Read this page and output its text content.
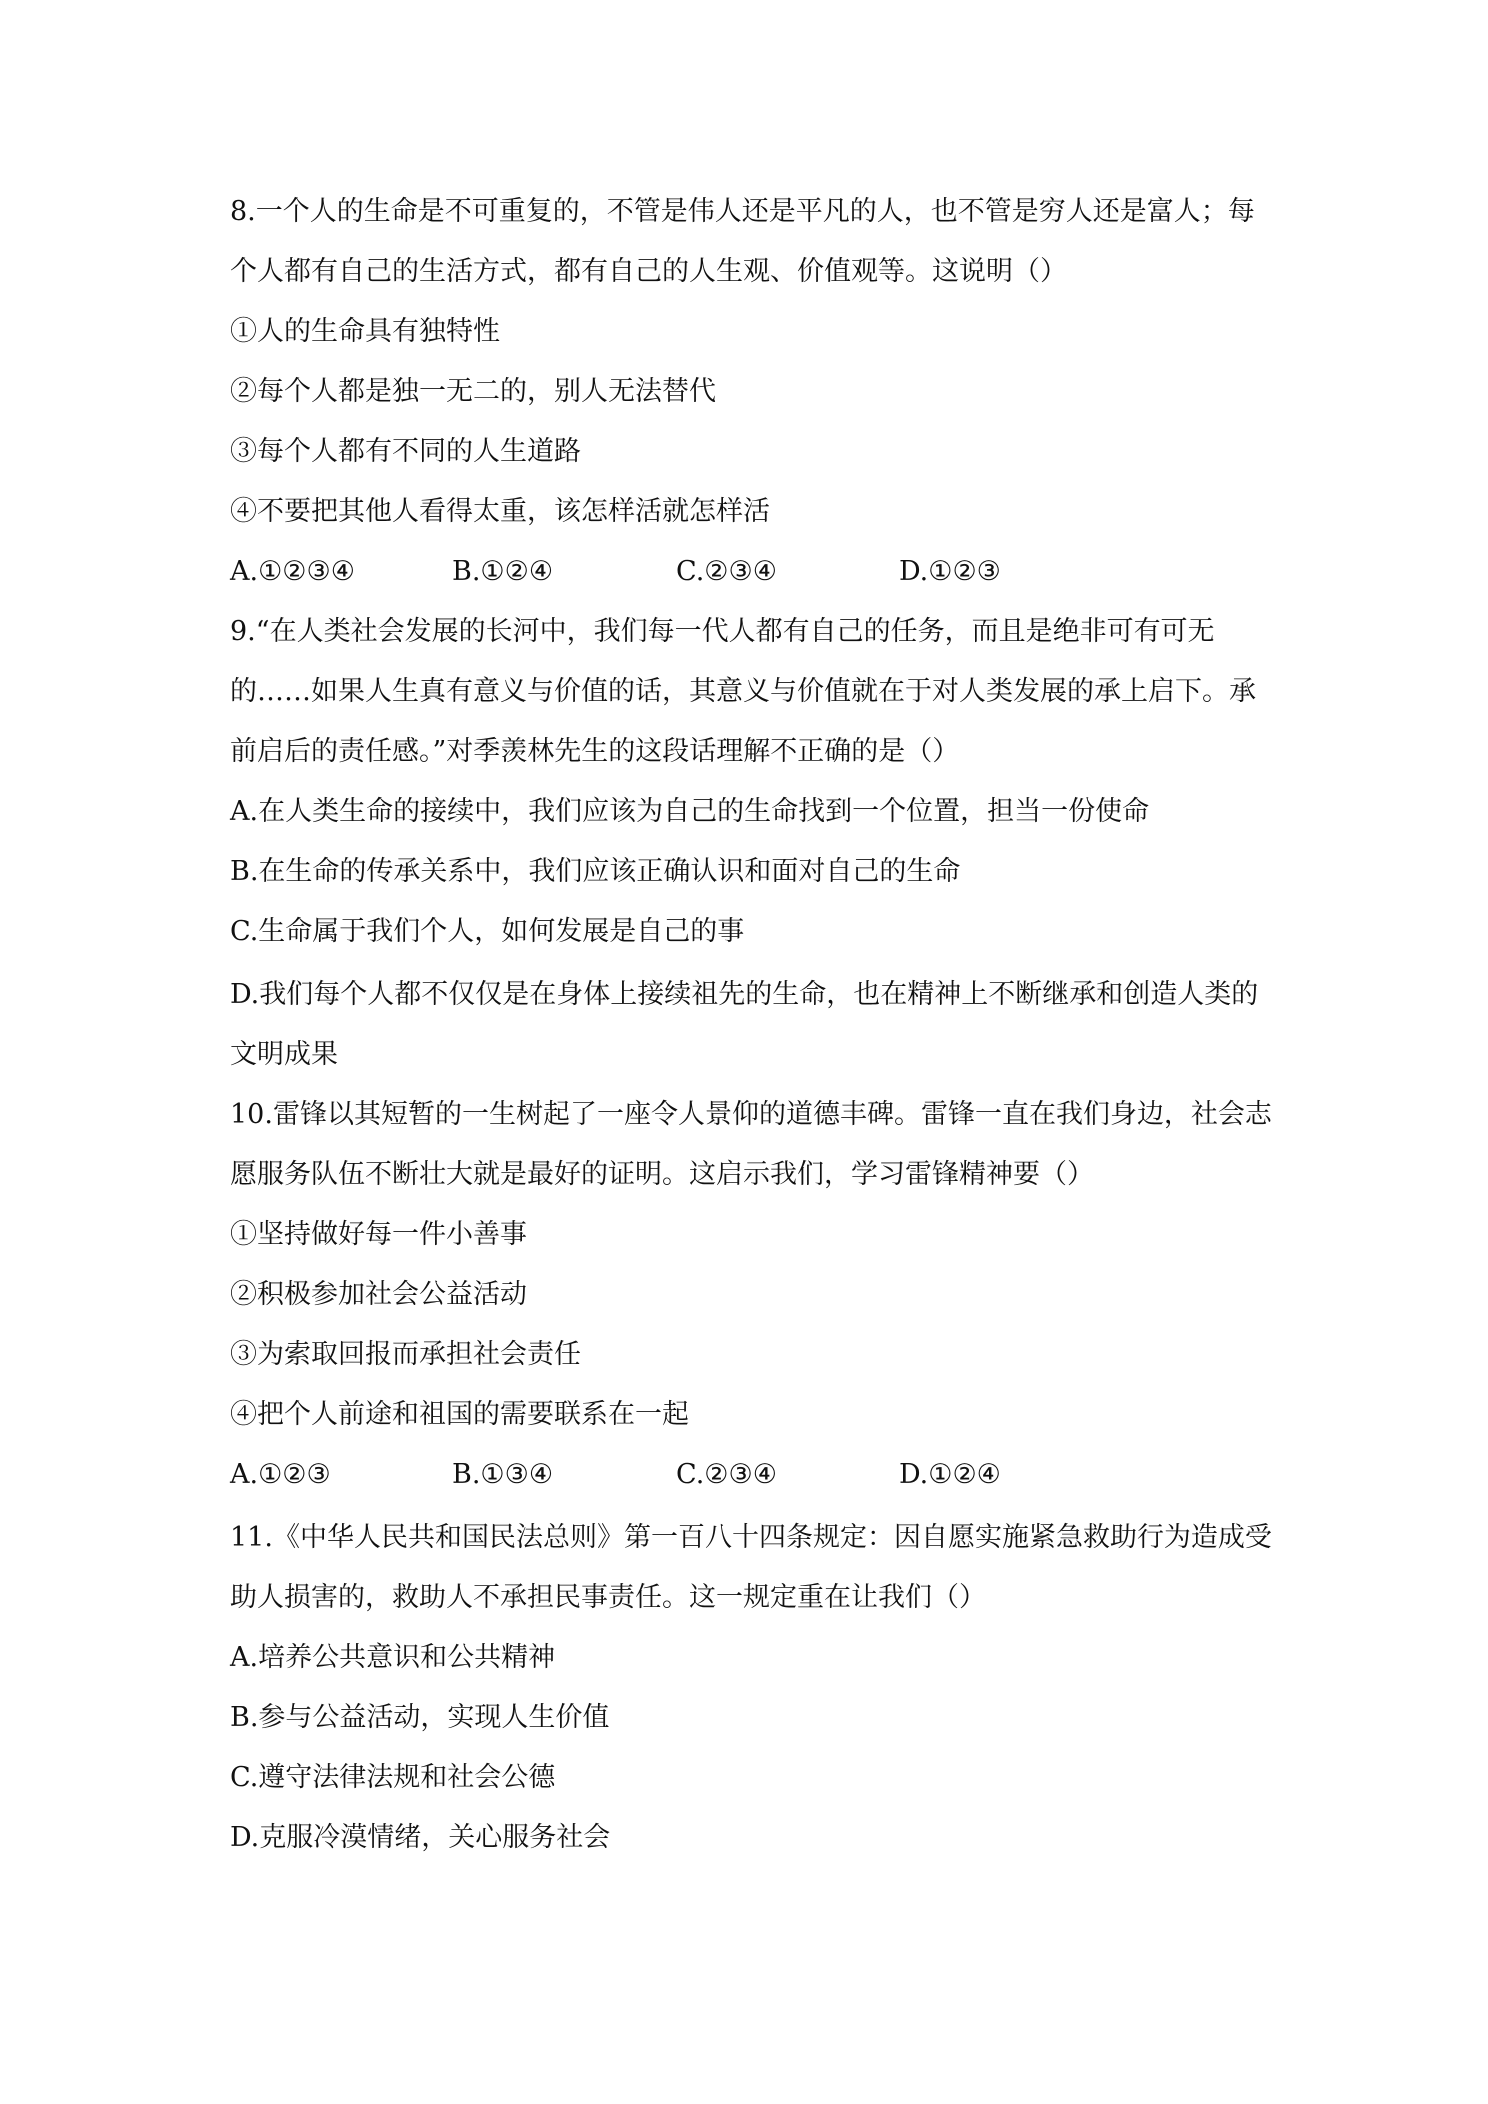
8.一个人的生命是不可重复的，不管是伟人还是平凡的人，也不管是穷人还是富人；每
个人都有自己的生活方式，都有自己的人生观、价值观等。这说明（）
①人的生命具有独特性
②每个人都是独一无二的，别人无法替代
③每个人都有不同的人生道路
④不要把其他人看得太重，该怎样活就怎样活
A.①②③④	B.①②④	C.②③④	D.①②③
9.“在人类社会发展的长河中，我们每一代人都有自己的任务，而且是绝非可有可无
的……如果人生真有意义与价值的话，其意义与价值就在于对人类发展的承上启下。承
前启后的责任感。”对季羡林先生的这段话理解不正确的是（）
A.在人类生命的接续中，我们应该为自己的生命找到一个位置，担当一份使命
B.在生命的传承关系中，我们应该正确认识和面对自己的生命
C.生命属于我们个人，如何发展是自己的事
D.我们每个人都不仅仅是在身体上接续祖先的生命，也在精神上不断继承和创造人类的
文明成果
10.雷锋以其短暂的一生树起了一座令人景仰的道德丰碑。雷锋一直在我们身边，社会志
愿服务队伍不断壮大就是最好的证明。这启示我们，学习雷锋精神要（）
①坚持做好每一件小善事
②积极参加社会公益活动
③为索取回报而承担社会责任
④把个人前途和祖国的需要联系在一起
A.①②③	B.①③④	C.②③④	D.①②④
11.《中华人民共和国民法总则》第一百八十四条规定：因自愿实施紧急救助行为造成受
助人损害的，救助人不承担民事责任。这一规定重在让我们（）
A.培养公共意识和公共精神
B.参与公益活动，实现人生价值
C.遵守法律法规和社会公德
D.克服冷漠情绪，关心服务社会
